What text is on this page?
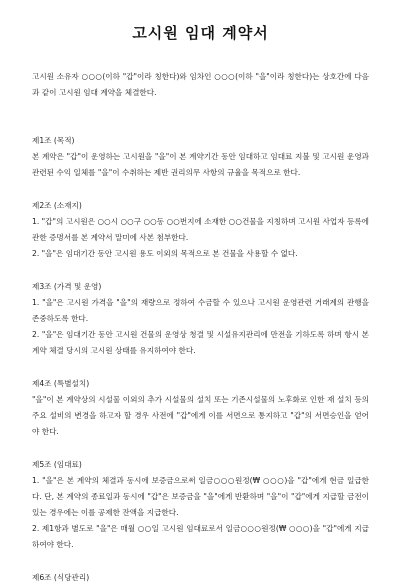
고시원 임대 계약서

고시원 소유자 ○○○(이하 "갑"이라 칭한다)와 임차인 ○○○(이하 "을"이라 칭한다)는 상호간에 다음과 같이 고시원 임대 계약을 체결한다.

제1조 (목적)

본 계약은 "갑"이 운영하는 고시원을 "을"이 본 계약기간 동안 임대하고 임대료 지불 및 고시원 운영과 관련된 수익 일체를 "을"이 수취하는 제반 권리의무 사항의 규율을 목적으로 한다.

제2조 (소재지)

1. "갑"의 고시원은 ○○시 ○○구 ○○동 ○○번지에 소재한 ○○건물을 지칭하며 고시원 사업자 등록에 관한 증명서를 본 계약서 말미에 사본 첨부한다.

2. "을"은 임대기간 동안 고시원 용도 이외의 목적으로 본 건물을 사용할 수 없다.

제3조 (가격 및 운영)

1. "을"은 고시원 가격을 "을"의 재량으로 정하여 수금할 수 있으나 고시원 운영관련 거래계의 관행을 존중하도록 한다.

2. "을"은 임대기간 동안 고시원 건물의 운영상 청결 및 시설유지관리에 만전을 기하도록 하며 항시 본 계약 체결 당시의 고시원 상태를 유지하여야 한다.

제4조 (특별설치)

"을"이 본 계약상의 시설물 이외의 추가 시설물의 설치 또는 기존시설물의 노후화로 인한 재 설치 등의 주요 설비의 변경을 하고자 할 경우 사전에 "갑"에게 이를 서면으로 통지하고 "갑"의 서면승인을 얻어야 한다.

제5조 (임대료)

1. "을"은 본 계약의 체결과 동시에 보증금으로써 일금○○○원정(₩ ○○○)을 "갑"에게 현금 일급한다. 단, 본 계약의 종료일과 동시에 "갑"은 보증금을 "을"에게 반환하며 "을"이 "갑"에게 지급할 금전이 있는 경우에는 이를 공제한 잔액을 지급한다.

2. 제1항과 별도로 "을"은 매월 ○○일 고시원 임대료로서 일금○○○원정(₩ ○○○)을 "갑"에게 지급하여야 한다.

제6조 (식당관리)
